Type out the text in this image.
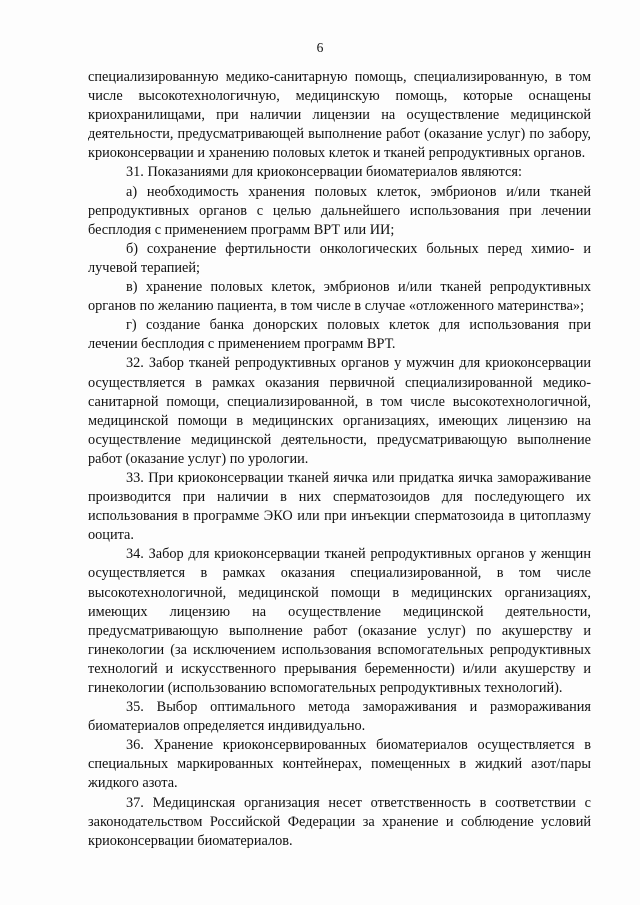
6

специализированную медико-санитарную помощь, специализированную, в том числе высокотехнологичную, медицинскую помощь, которые оснащены криохранилищами, при наличии лицензии на осуществление медицинской деятельности, предусматривающей выполнение работ (оказание услуг) по забору, криоконсервации и хранению половых клеток и тканей репродуктивных органов.

31. Показаниями для криоконсервации биоматериалов являются:

а) необходимость хранения половых клеток, эмбрионов и/или тканей репродуктивных органов с целью дальнейшего использования при лечении бесплодия с применением программ ВРТ или ИИ;

б) сохранение фертильности онкологических больных перед химио- и лучевой терапией;

в) хранение половых клеток, эмбрионов и/или тканей репродуктивных органов по желанию пациента, в том числе в случае «отложенного материнства»;

г) создание банка донорских половых клеток для использования при лечении бесплодия с применением программ ВРТ.

32. Забор тканей репродуктивных органов у мужчин для криоконсервации осуществляется в рамках оказания первичной специализированной медико-санитарной помощи, специализированной, в том числе высокотехнологичной, медицинской помощи в медицинских организациях, имеющих лицензию на осуществление медицинской деятельности, предусматривающую выполнение работ (оказание услуг) по урологии.

33. При криоконсервации тканей яичка или придатка яичка замораживание производится при наличии в них сперматозоидов для последующего их использования в программе ЭКО или при инъекции сперматозоида в цитоплазму ооцита.

34. Забор для криоконсервации тканей репродуктивных органов у женщин осуществляется в рамках оказания специализированной, в том числе высокотехнологичной, медицинской помощи в медицинских организациях, имеющих лицензию на осуществление медицинской деятельности, предусматривающую выполнение работ (оказание услуг) по акушерству и гинекологии (за исключением использования вспомогательных репродуктивных технологий и искусственного прерывания беременности) и/или акушерству и гинекологии (использованию вспомогательных репродуктивных технологий).

35. Выбор оптимального метода замораживания и размораживания биоматериалов определяется индивидуально.

36. Хранение криоконсервированных биоматериалов осуществляется в специальных маркированных контейнерах, помещенных в жидкий азот/пары жидкого азота.

37. Медицинская организация несет ответственность в соответствии с законодательством Российской Федерации за хранение и соблюдение условий криоконсервации биоматериалов.
